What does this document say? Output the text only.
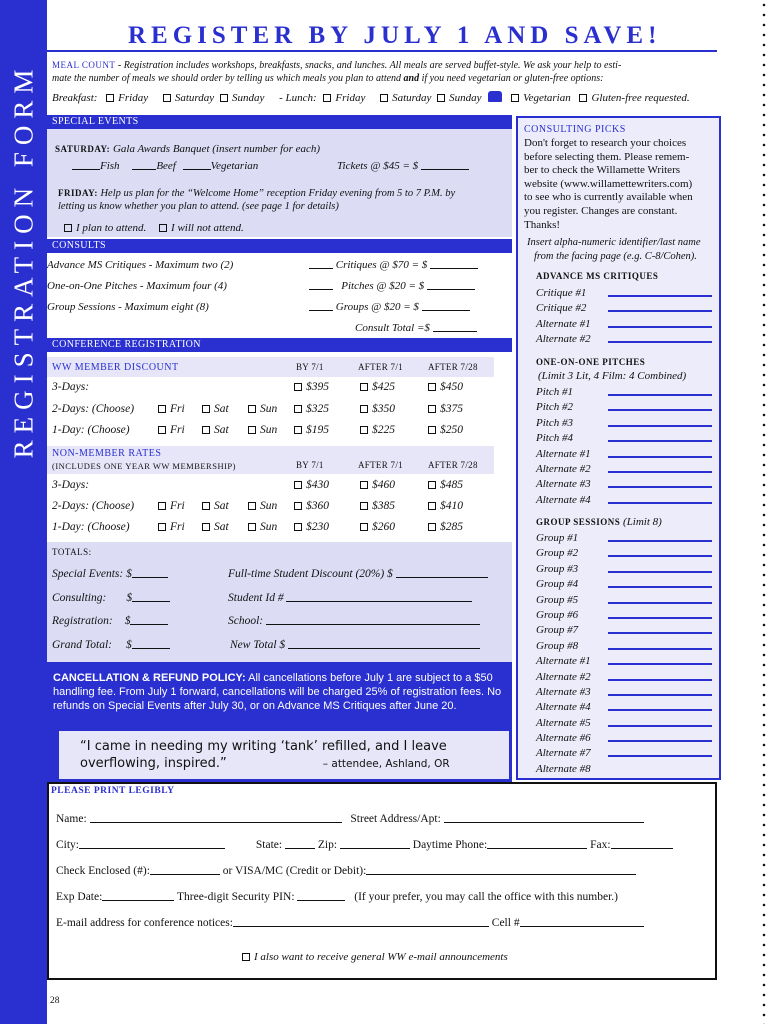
REGISTRATION FORM
REGISTER BY JULY 1 AND SAVE!
MEAL COUNT - Registration includes workshops, breakfasts, snacks, and lunches. All meals are served buffet-style. We ask your help to esti-
mate the number of meals we should order by telling us which meals you plan to attend and if you need vegetarian or gluten-free options:
Breakfast: Friday Saturday Sunday - Lunch: Friday Saturday Sunday	Vegetarian Gluten-free requested.
SPECIAL EVENTS
SATURDAY: Gala Awards Banquet (insert number for each)
Fish	Beef	Vegetarian	Tickets @ $45 = $
FRIDAY: Help us plan for the “Welcome Home” reception Friday evening from 5 to 7 P.M. by
letting us know whether you plan to attend. (see page 1 for details)
I plan to attend. I will not attend.
CONSULTS
Advance MS Critiques - Maximum two (2)	Critiques @ $70 = $
One-on-One Pitches - Maximum four (4)	Pitches @ $20 = $
Group Sessions - Maximum eight (8)	Groups @ $20 = $
Consult Total =$
CONFERENCE REGISTRATION
WW MEMBER DISCOUNT	BY 7/1	AFTER 7/1	AFTER 7/28
3-Days:	$395	$425	$450
2-Days: (Choose)	Fri	Sat	Sun	$325	$350	$375
1-Day: (Choose)	Fri	Sat	Sun	$195	$225	$250
NON-MEMBER RATES
(INCLUDES ONE YEAR WW MEMBERSHIP)	BY 7/1	AFTER 7/1	AFTER 7/28
3-Days:	$430	$460	$485
2-Days: (Choose)	Fri	Sat	Sun	$360	$385	$410
1-Day: (Choose)	Fri	Sat	Sun	$230	$260	$285
TOTALS:
Special Events: $	Full-time Student Discount (20%) $
Consulting: $	Student Id #
Registration: $	School:
Grand Total: $	New Total $
CANCELLATION & REFUND POLICY: All cancellations before July 1 are subject to a $50
handling fee. From July 1 forward, cancellations will be charged 25% of registration fees. No
refunds on Special Events after July 30, or on Advance MS Critiques after June 20.
“I came in needing my writing ‘tank’ refilled, and I leave
overflowing, inspired.”	– attendee, Ashland, OR
CONSULTING PICKS
Don't forget to research your choices
before selecting them. Please remem-
ber to check the Willamette Writers
website (www.willamettewriters.com)
to see who is currently available when
you register. Changes are constant.
Thanks!
Insert alpha-numeric identifier/last name
from the facing page (e.g. C-8/Cohen).
ADVANCE MS CRITIQUES
Critique #1
Critique #2
Alternate #1
Alternate #2
ONE-ON-ONE PITCHES
(Limit 3 Lit, 4 Film: 4 Combined)
Pitch #1
Pitch #2
Pitch #3
Pitch #4
Alternate #1
Alternate #2
Alternate #3
Alternate #4
GROUP SESSIONS (Limit 8)
Group #1
Group #2
Group #3
Group #4
Group #5
Group #6
Group #7
Group #8
Alternate #1
Alternate #2
Alternate #3
Alternate #4
Alternate #5
Alternate #6
Alternate #7
Alternate #8
PLEASE PRINT LEGIBLY
Name:	Street Address/Apt:
City:	State:	Zip:	Daytime Phone:	Fax:
Check Enclosed (#):	or VISA/MC (Credit or Debit):
Exp Date:	Three-digit Security PIN:	(If your prefer, you may call the office with this number.)
E-mail address for conference notices:	Cell #
I also want to receive general WW e-mail announcements
28
